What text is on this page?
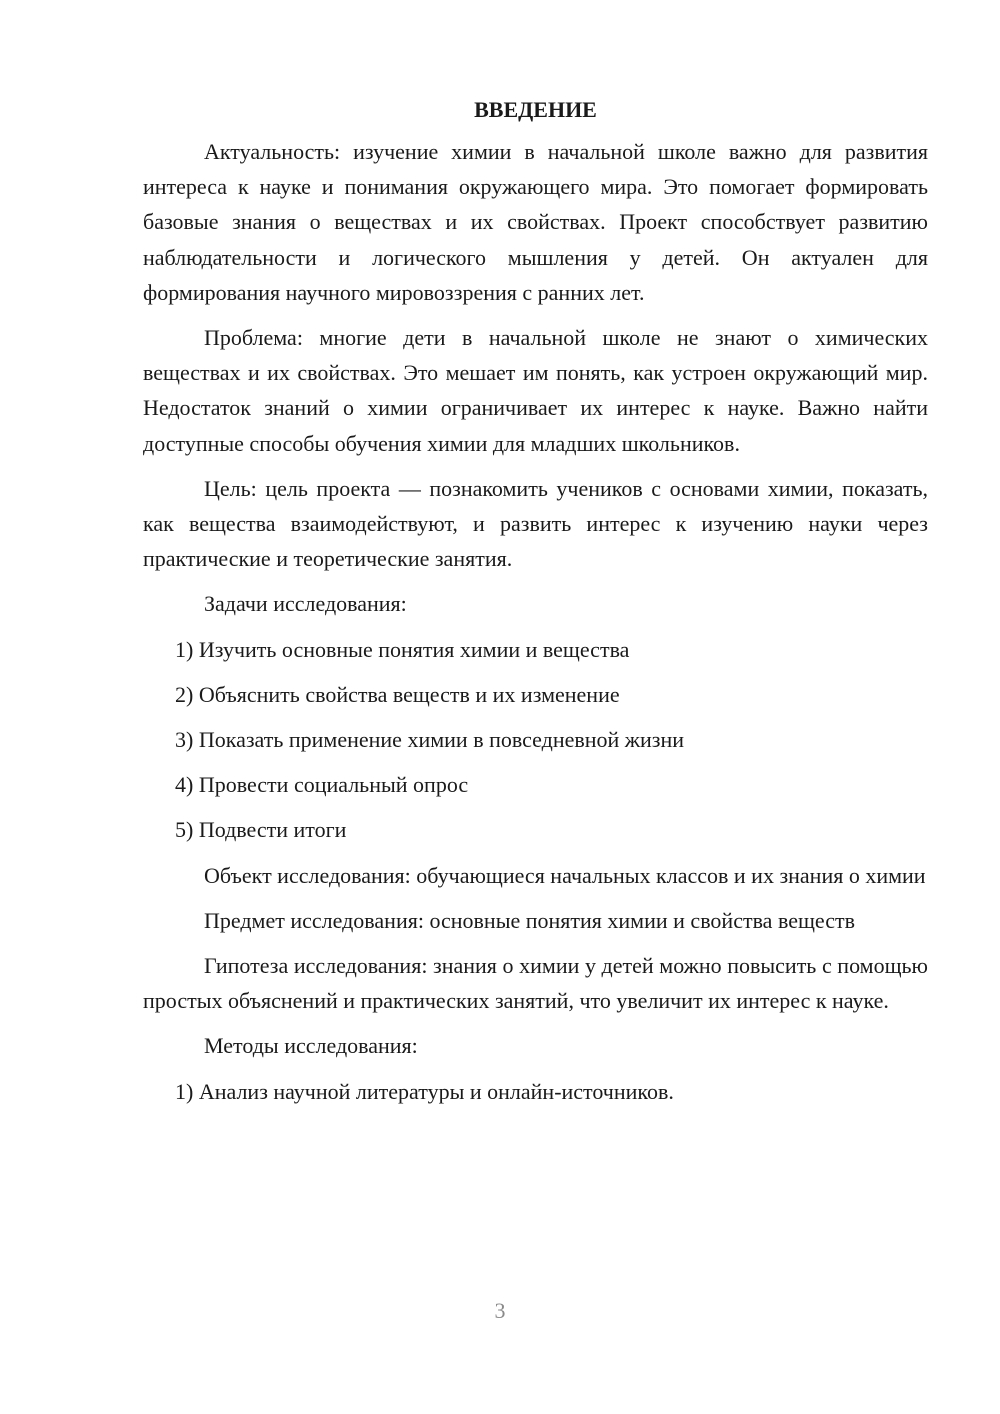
ВВЕДЕНИЕ

Актуальность: изучение химии в начальной школе важно для развития интереса к науке и понимания окружающего мира. Это помогает формировать базовые знания о веществах и их свойствах. Проект способствует развитию наблюдательности и логического мышления у детей. Он актуален для формирования научного мировоззрения с ранних лет.

Проблема: многие дети в начальной школе не знают о химических веществах и их свойствах. Это мешает им понять, как устроен окружающий мир. Недостаток знаний о химии ограничивает их интерес к науке. Важно найти доступные способы обучения химии для младших школьников.

Цель: цель проекта — познакомить учеников с основами химии, показать, как вещества взаимодействуют, и развить интерес к изучению науки через практические и теоретические занятия.

Задачи исследования:

1) Изучить основные понятия химии и вещества
2) Объяснить свойства веществ и их изменение
3) Показать применение химии в повседневной жизни
4) Провести социальный опрос
5) Подвести итоги

Объект исследования: обучающиеся начальных классов и их знания о химии

Предмет исследования: основные понятия химии и свойства веществ

Гипотеза исследования: знания о химии у детей можно повысить с помощью простых объяснений и практических занятий, что увеличит их интерес к науке.

Методы исследования:

1) Анализ научной литературы и онлайн-источников.
3
